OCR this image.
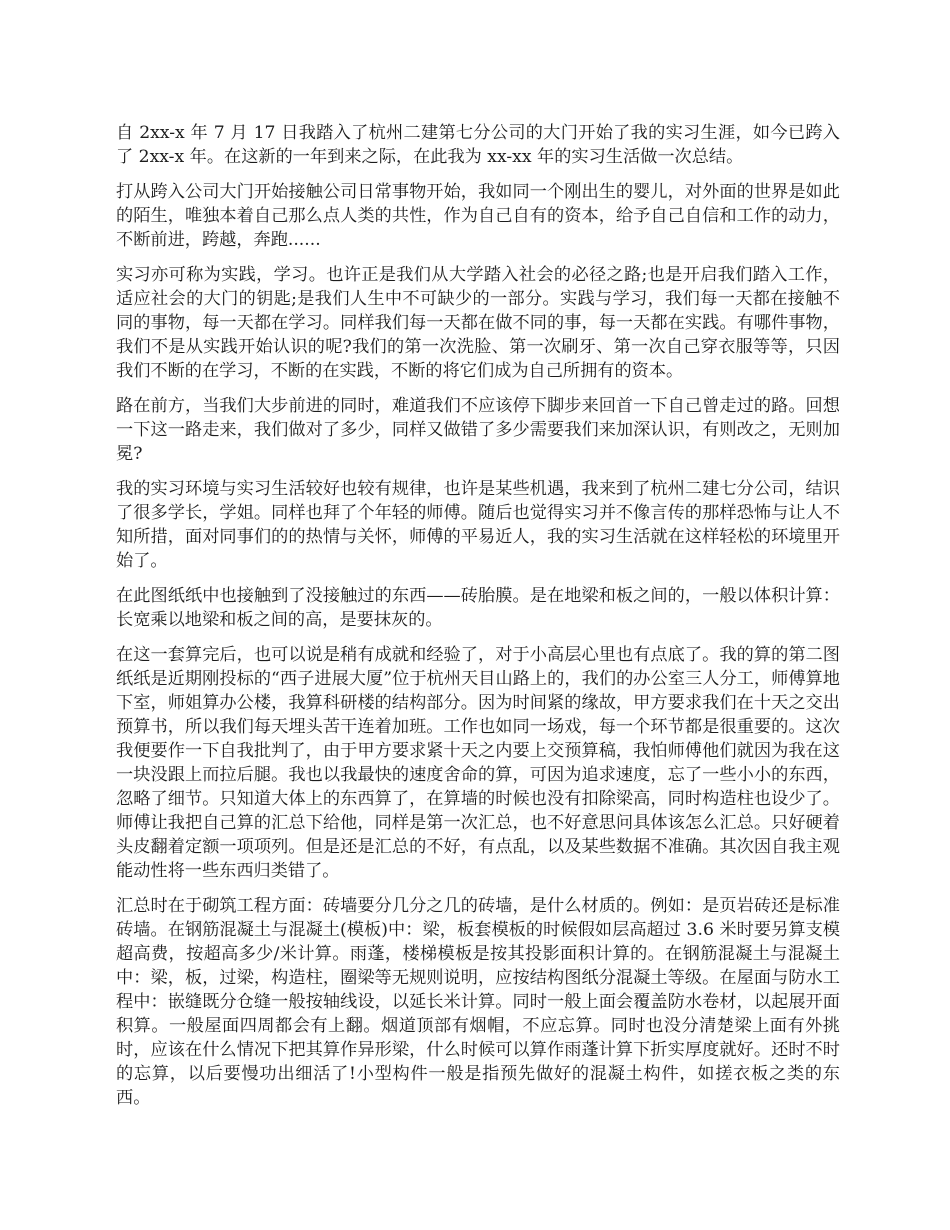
自 2xx-x 年 7 月 17 日我踏入了杭州二建第七分公司的大门开始了我的实习生涯，如今已跨入了 2xx-x 年。在这新的一年到来之际，在此我为 xx-xx 年的实习生活做一次总结。

打从跨入公司大门开始接触公司日常事物开始，我如同一个刚出生的婴儿，对外面的世界是如此的陌生，唯独本着自己那么点人类的共性，作为自己自有的资本，给予自己自信和工作的动力，不断前进，跨越，奔跑......

实习亦可称为实践，学习。也许正是我们从大学踏入社会的必径之路;也是开启我们踏入工作，适应社会的大门的钥匙;是我们人生中不可缺少的一部分。实践与学习，我们每一天都在接触不同的事物，每一天都在学习。同样我们每一天都在做不同的事，每一天都在实践。有哪件事物，我们不是从实践开始认识的呢?我们的第一次洗脸、第一次刷牙、第一次自己穿衣服等等，只因我们不断的在学习，不断的在实践，不断的将它们成为自己所拥有的资本。

路在前方，当我们大步前进的同时，难道我们不应该停下脚步来回首一下自己曾走过的路。回想一下这一路走来，我们做对了多少，同样又做错了多少需要我们来加深认识，有则改之，无则加冕?

我的实习环境与实习生活较好也较有规律，也许是某些机遇，我来到了杭州二建七分公司，结识了很多学长，学姐。同样也拜了个年轻的师傅。随后也觉得实习并不像言传的那样恐怖与让人不知所措，面对同事们的的热情与关怀，师傅的平易近人，我的实习生活就在这样轻松的环境里开始了。

在此图纸纸中也接触到了没接触过的东西——砖胎膜。是在地梁和板之间的，一般以体积计算：长宽乘以地梁和板之间的高，是要抹灰的。

在这一套算完后，也可以说是稍有成就和经验了，对于小高层心里也有点底了。我的算的第二图纸纸是近期刚投标的“西子进展大厦”位于杭州天目山路上的，我们的办公室三人分工，师傅算地下室，师姐算办公楼，我算科研楼的结构部分。因为时间紧的缘故，甲方要求我们在十天之交出预算书，所以我们每天埋头苦干连着加班。工作也如同一场戏，每一个环节都是很重要的。这次我便要作一下自我批判了，由于甲方要求紧十天之内要上交预算稿，我怕师傅他们就因为我在这一块没跟上而拉后腿。我也以我最快的速度舍命的算，可因为追求速度，忘了一些小小的东西，忽略了细节。只知道大体上的东西算了，在算墙的时候也没有扣除梁高，同时构造柱也设少了。师傅让我把自己算的汇总下给他，同样是第一次汇总，也不好意思问具体该怎么汇总。只好硬着头皮翻着定额一项项列。但是还是汇总的不好，有点乱，以及某些数据不准确。其次因自我主观能动性将一些东西归类错了。

汇总时在于砌筑工程方面：砖墙要分几分之几的砖墙，是什么材质的。例如：是页岩砖还是标准砖墙。在钢筋混凝土与混凝土(模板)中：梁，板套模板的时候假如层高超过 3.6 米时要另算支模超高费，按超高多少/米计算。雨蓬，楼梯模板是按其投影面积计算的。在钢筋混凝土与混凝土中：梁，板，过梁，构造柱，圈梁等无规则说明，应按结构图纸分混凝土等级。在屋面与防水工程中：嵌缝既分仓缝一般按轴线设，以延长米计算。同时一般上面会覆盖防水卷材，以起展开面积算。一般屋面四周都会有上翻。烟道顶部有烟帽，不应忘算。同时也没分清楚梁上面有外挑时，应该在什么情况下把其算作异形梁，什么时候可以算作雨蓬计算下折实厚度就好。还时不时的忘算，以后要慢功出细活了!小型构件一般是指预先做好的混凝土构件，如搓衣板之类的东西。
